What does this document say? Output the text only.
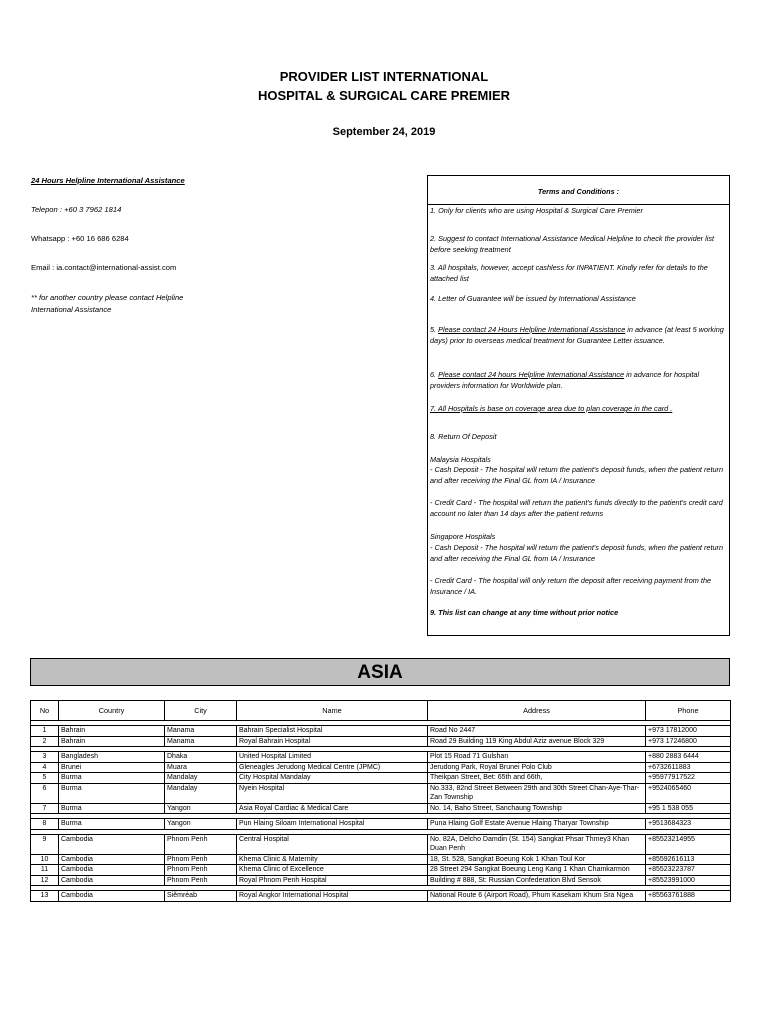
PROVIDER LIST INTERNATIONAL
HOSPITAL & SURGICAL CARE PREMIER
September 24, 2019
24 Hours Helpline International Assistance
Telepon : +60 3 7962 1814
Whatsapp : +60 16 686 6284
Email : ia.contact@international-assist.com
** for another country please contact Helpline International Assistance
Terms and Conditions :
1. Only for clients who are using Hospital & Surgical Care Premier
2. Suggest to contact International Assistance Medical Helpline to check the provider list before seeking treatment
3. All hospitals, however, accept cashless for INPATIENT. Kindly refer for details to the attached list
4. Letter of Guarantee will be issued by International Assistance
5. Please contact 24 Hours Helpline International Assistance in advance (at least 5 working days) prior to overseas medical treatment for Guarantee Letter issuance.
6. Please contact 24 hours Helpline International Assistance in advance for hospital providers information for Worldwide plan.
7. All Hospitals is base on coverage area due to plan coverage in the card .
8. Return Of Deposit
Malaysia Hospitals
- Cash Deposit - The hospital will return the patient's deposit funds, when the patient return and after receiving the Final GL from IA / Insurance
- Credit Card - The hospital will return the patient's funds directly to the patient's credit card account no later than 14 days after the patient returns
Singapore Hospitals
- Cash Deposit - The hospital will return the patient's deposit funds, when the patient return and after receiving the Final GL from IA / Insurance
- Credit Card - The hospital will only return the deposit after receiving payment from the Insurance / IA.
9. This list can change at any time without prior notice
ASIA
No	Country	City	Name	Address	Phone

1	Bahrain	Manama	Bahrain Specialist Hospital	Road No 2447	+973 17812000
2	Bahrain	Manama	Royal Bahrain Hospital	Road 29 Building 119 King Abdul Aziz avenue Block 329	+973 17246800

3	Bangladesh	Dhaka	United Hospital Limited	Plot 15 Road 71 Gulshan	+880 2883 6444
4	Brunei	Muara	Gleneagles Jerudong Medical Centre (JPMC)	Jerudong Park, Royal Brunei Polo Club	+6732611883
5	Burma	Mandalay	City Hospital Mandalay	Theikpan Street, Bet: 65th and 66th,	+95977917522
6	Burma	Mandalay	Nyein Hospital	No.333, 82nd Street Between 29th and 30th Street Chan-Aye-Thar-Zan Township	+9524065460
7	Burma	Yangon	Asia Royal Cardiac & Medical Care	No. 14, Baho Street, Sanchaung Township	+95 1 538 055

8	Burma	Yangon	Pun Hlaing Siloam International Hospital	Puna Hlaing Golf Estate Avenue Hlaing Tharyar Township	+9513684323

9	Cambodia	Phnom Penh	Central Hospital	No. 82A, Delcho Damdin (St. 154) Sangkat Phsar Thmey3 Khan Duan Penh	+85523214955
10	Cambodia	Phnom Penh	Khema Clinic & Maternity	18, St. 528, Sangkat Boeung Kok 1 Khan Toul Kor	+85592616113
11	Cambodia	Phnom Penh	Khema Clinic of Excellence	28 Street 294 Sangkat Boeung Leng Kang 1 Khan Chamkarmon	+85523223787
12	Cambodia	Phnom Penh	Royal Phnom Penh Hospital	Building # 888, St: Russian Confederation Blvd Sensok	+85523991000

13	Cambodia	Siĕmréab	Royal Angkor International Hospital	National Route 6 (Airport Road), Phum Kasekam Khum Sra Ngea	+85563761888
